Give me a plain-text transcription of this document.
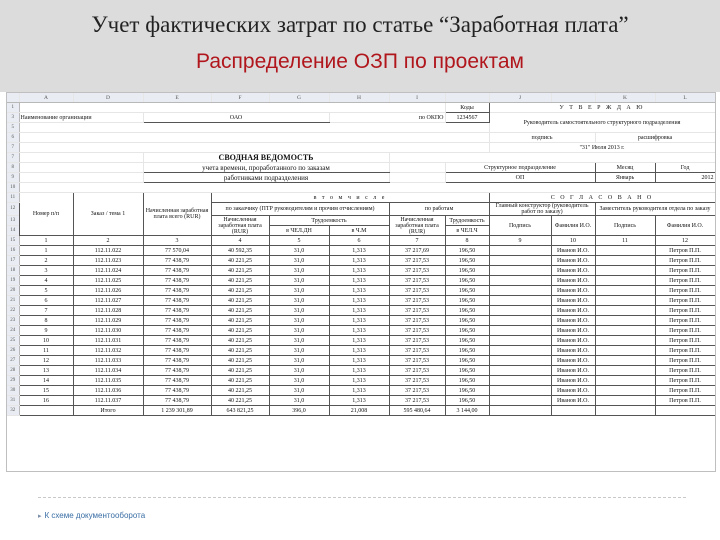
Учет фактических затрат по статье “Заработная плата”
Распределение ОЗП по проектам
	A	D	E	F	G	H	I		J		K	L
1								Коды	У Т В Е Р Ж Д А Ю			
3	Наименование организации		ОАО			по ОКПО		1234567	Руководитель самостоятельного структурного подразделения			
5												
6									подпись		расшифровка	
7									"31" Июля 2013 г.			
7			СВОДНАЯ ВЕДОМОСТЬ									
8			учета времени, проработанного по заказам					Структурное подразделение			Месяц	Год
9			работниками подразделения					ОП			Январь	2012
10												
11	Номер п/п	Заказ / тема 1	Начисленная заработная плата всего (RUR)	в т о м ч и с л е					С О Г Л А С О В А Н О			
12				по заказчику (ПТР руководителям и прочим отчислениям)			по работам		Главный конструктор (руководитель работ по заказу)		Заместитель руководителя отдела по заказу	
13				Начисленная заработная плата (RUR)	Трудоемкость		Начисленная заработная плата (RUR)	Трудоемкость	Подпись	Фамилия И.О.	Подпись	Фамилия И.О.
14					в ЧЕЛ.ДН	в Ч.М		в ЧЕЛ.Ч				
15	1	2	3	4	5	6	7	8	9	10	11	12
16	1	112.11.022	77 570,04	40 592,35	31,0	1,313	37 217,69	196,50		Иванов И.О.		Петров П.П.
17	2	112.11.023	77 438,79	40 221,25	31,0	1,313	37 217,53	196,50		Иванов И.О.		Петров П.П.
18	3	112.11.024	77 438,79	40 221,25	31,0	1,313	37 217,53	196,50		Иванов И.О.		Петров П.П.
19	4	112.11.025	77 438,79	40 221,25	31,0	1,313	37 217,53	196,50		Иванов И.О.		Петров П.П.
20	5	112.11.026	77 438,79	40 221,25	31,0	1,313	37 217,53	196,50		Иванов И.О.		Петров П.П.
21	6	112.11.027	77 438,79	40 221,25	31,0	1,313	37 217,53	196,50		Иванов И.О.		Петров П.П.
22	7	112.11.028	77 438,79	40 221,25	31,0	1,313	37 217,53	196,50		Иванов И.О.		Петров П.П.
23	8	112.11.029	77 438,79	40 221,25	31,0	1,313	37 217,53	196,50		Иванов И.О.		Петров П.П.
24	9	112.11.030	77 438,79	40 221,25	31,0	1,313	37 217,53	196,50		Иванов И.О.		Петров П.П.
25	10	112.11.031	77 438,79	40 221,25	31,0	1,313	37 217,53	196,50		Иванов И.О.		Петров П.П.
26	11	112.11.032	77 438,79	40 221,25	31,0	1,313	37 217,53	196,50		Иванов И.О.		Петров П.П.
27	12	112.11.033	77 438,79	40 221,25	31,0	1,313	37 217,53	196,50		Иванов И.О.		Петров П.П.
28	13	112.11.034	77 438,79	40 221,25	31,0	1,313	37 217,53	196,50		Иванов И.О.		Петров П.П.
29	14	112.11.035	77 438,79	40 221,25	31,0	1,313	37 217,53	196,50		Иванов И.О.		Петров П.П.
30	15	112.11.036	77 438,79	40 221,25	31,0	1,313	37 217,53	196,50		Иванов И.О.		Петров П.П.
31	16	112.11.037	77 438,79	40 221,25	31,0	1,313	37 217,53	196,50		Иванов И.О.		Петров П.П.
32		Итого	1 239 301,89	643 821,25	396,0	21,008	595 480,64	3 144,00				
▸ К схеме документооборота
